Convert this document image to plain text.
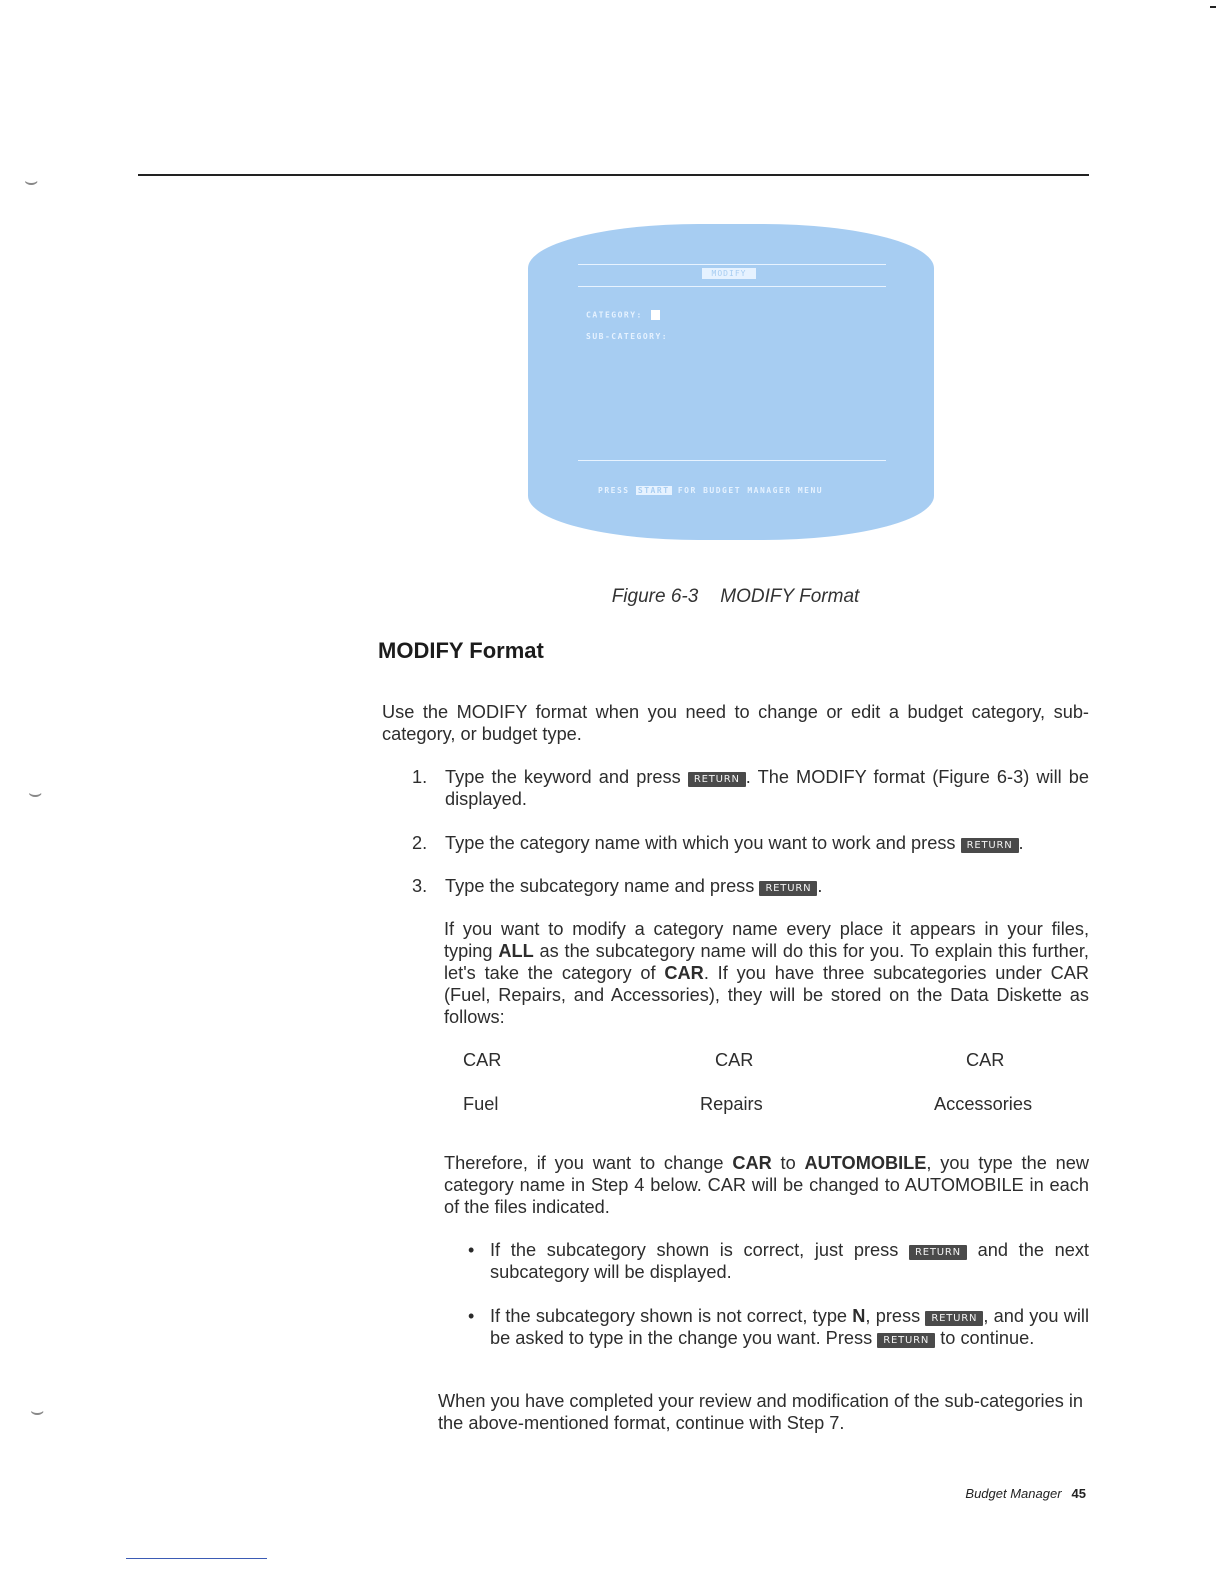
⌣
⌣
⌣
MODIFY
CATEGORY:
SUB-CATEGORY:
PRESS START FOR BUDGET MANAGER MENU
Figure 6-3 MODIFY Format
MODIFY Format

Use the MODIFY format when you need to change or edit a budget category, sub-category, or budget type.

1. Type the keyword and press RETURN . The MODIFY format (Figure 6-3) will be displayed.

2. Type the category name with which you want to work and press RETURN .

3. Type the subcategory name and press RETURN .

If you want to modify a category name every place it appears in your files, typing ALL as the subcategory name will do this for you. To explain this further, let's take the category of CAR. If you have three subcategories under CAR (Fuel, Repairs, and Accessories), they will be stored on the Data Diskette as follows:

CAR	CAR	CAR
Fuel	Repairs	Accessories

Therefore, if you want to change CAR to AUTOMOBILE, you type the new category name in Step 4 below. CAR will be changed to AUTOMOBILE in each of the files indicated.

• If the subcategory shown is correct, just press RETURN and the next subcategory will be displayed.

• If the subcategory shown is not correct, type N, press RETURN , and you will be asked to type in the change you want. Press RETURN to continue.

When you have completed your review and modification of the sub-categories in the above-mentioned format, continue with Step 7.

Budget Manager 45
